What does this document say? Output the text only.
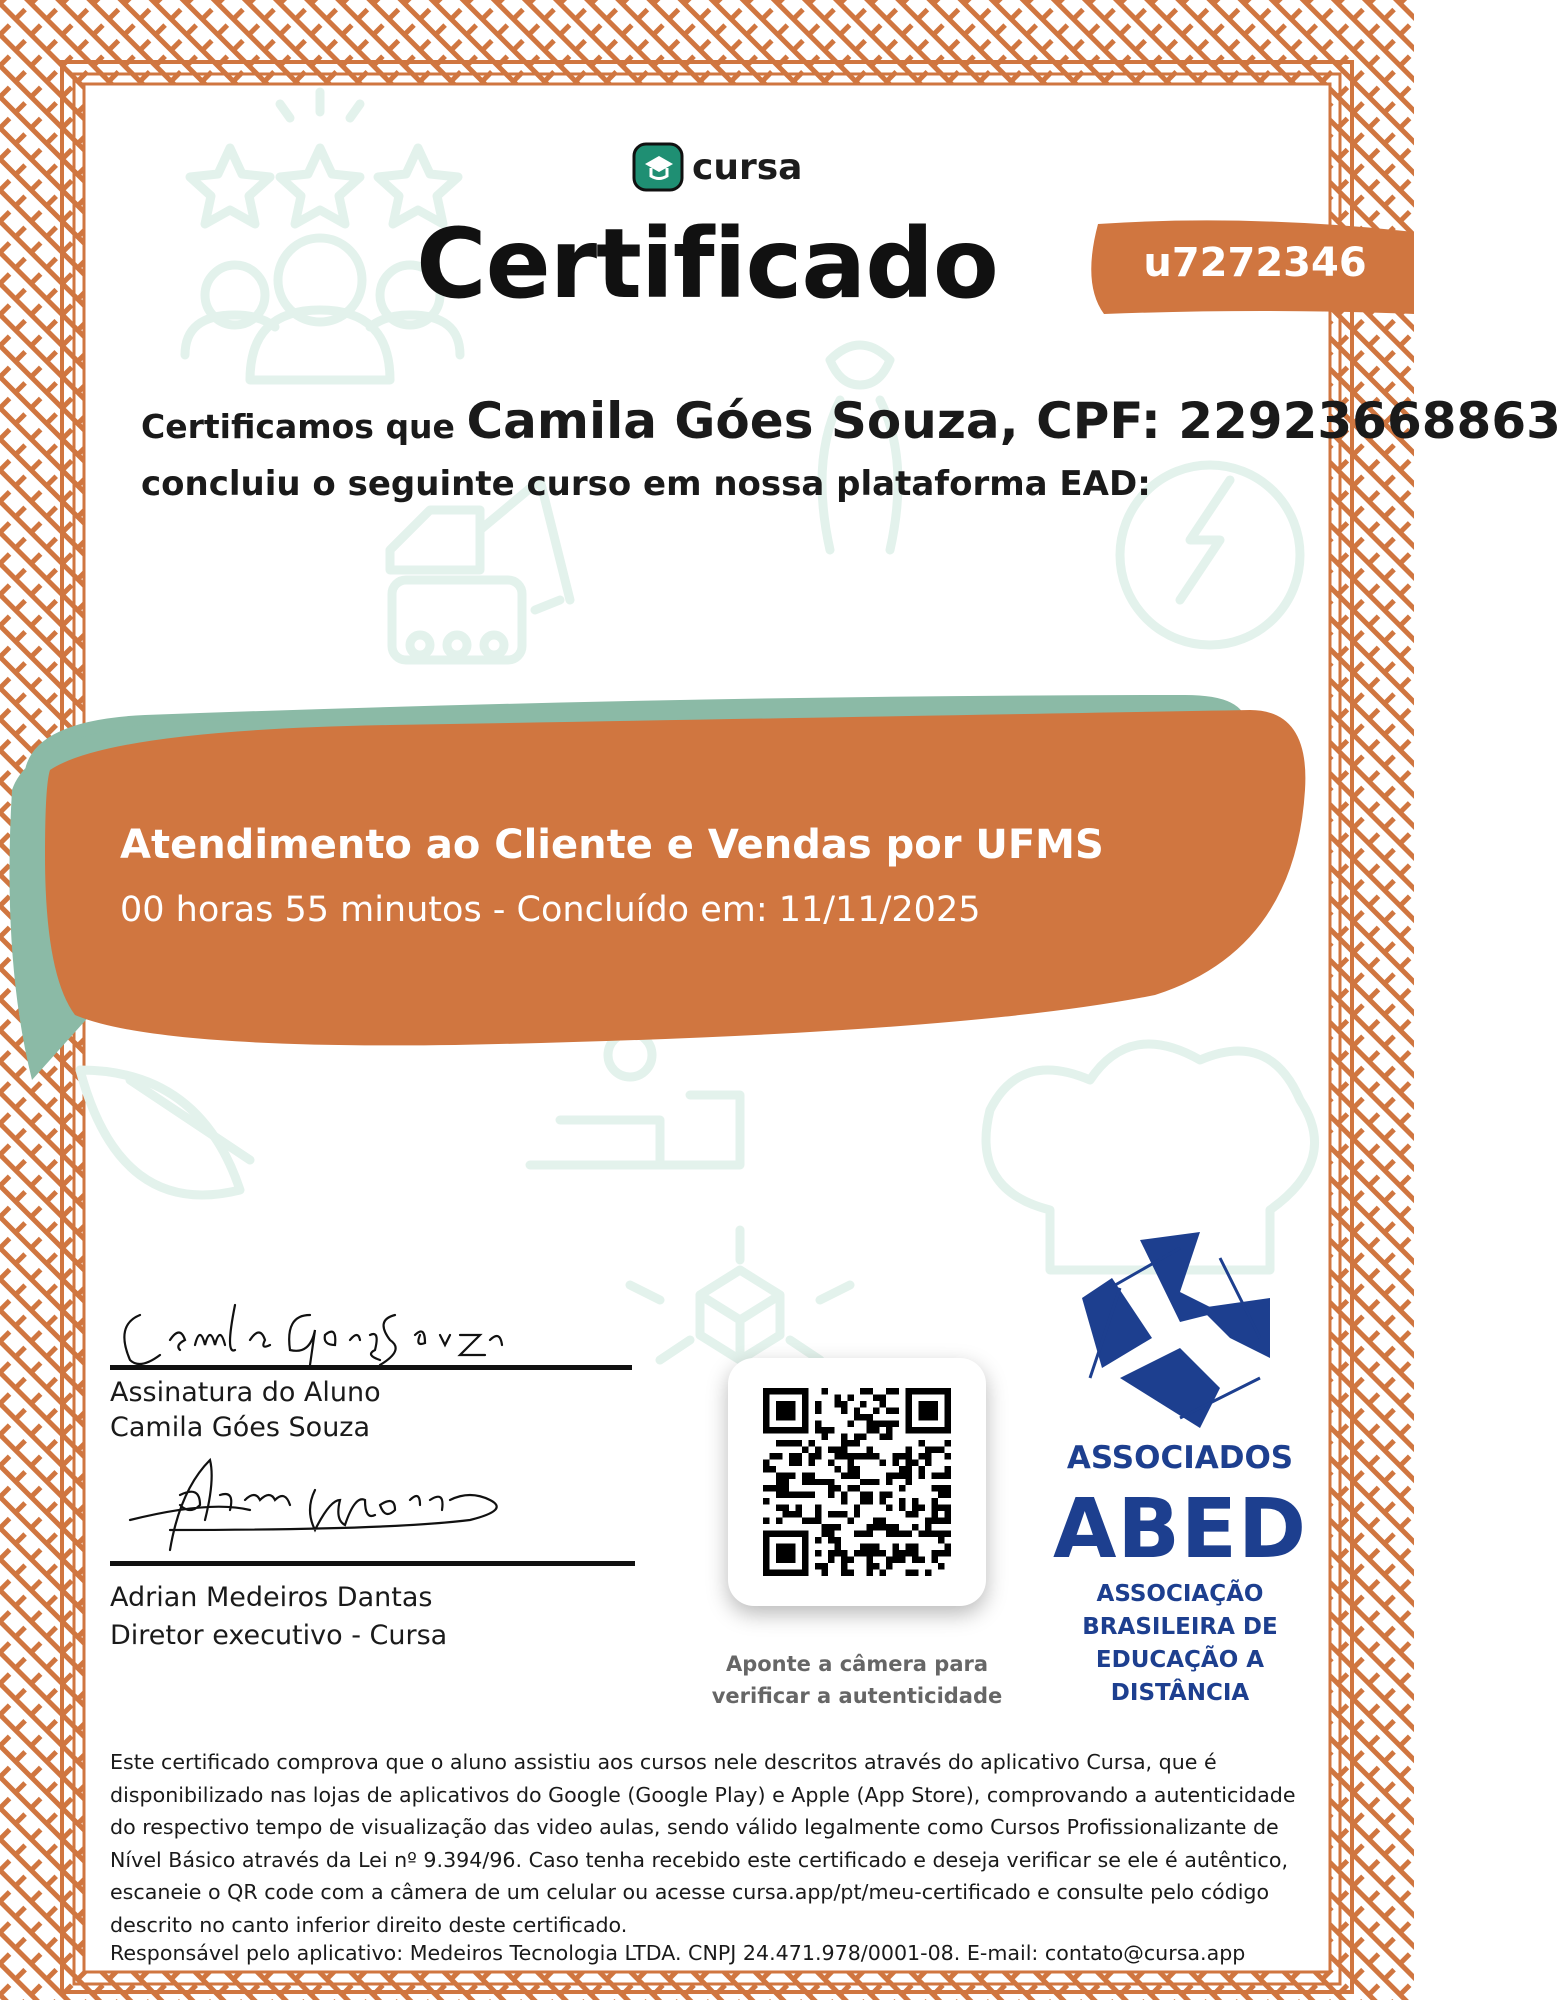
cursa
Certificado	u7272346
Certificamos que Camila Góes Souza, CPF: 22923668863
concluiu o seguinte curso em nossa plataforma EAD:
Atendimento ao Cliente e Vendas por UFMS
00 horas 55 minutos - Concluído em: 11/11/2025
Assinatura do Aluno
Camila Góes Souza
Adrian Medeiros Dantas
Diretor executivo - Cursa
Aponte a câmera para verificar a autenticidade
ASSOCIADOS
ABED
ASSOCIAÇÃO BRASILEIRA DE EDUCAÇÃO A DISTÂNCIA
Este certificado comprova que o aluno assistiu aos cursos nele descritos através do aplicativo Cursa, que é disponibilizado nas lojas de aplicativos do Google (Google Play) e Apple (App Store), comprovando a autenticidade do respectivo tempo de visualização das video aulas, sendo válido legalmente como Cursos Profissionalizante de Nível Básico através da Lei nº 9.394/96. Caso tenha recebido este certificado e deseja verificar se ele é autêntico, escaneie o QR code com a câmera de um celular ou acesse cursa.app/pt/meu-certificado e consulte pelo código descrito no canto inferior direito deste certificado.
Responsável pelo aplicativo: Medeiros Tecnologia LTDA. CNPJ 24.471.978/0001-08. E-mail: contato@cursa.app
